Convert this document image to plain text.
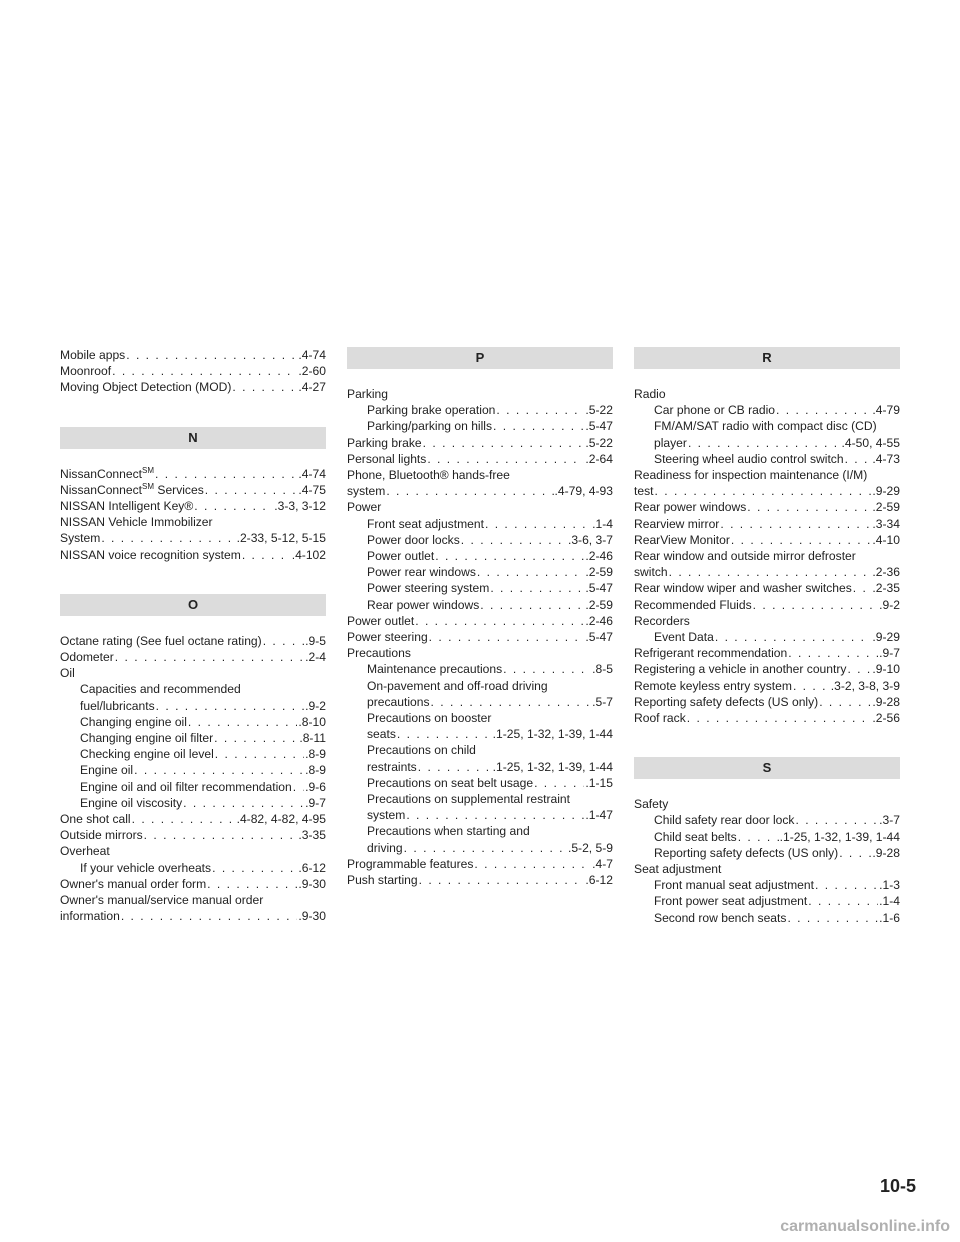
Mobile apps . . .	.4-74
Moonroof . . .	.2-60
Moving Object Detection (MOD) . . .	.4-27
N
NissanConnect℠ . . .	.4-74
NissanConnect℠ Services . . .	.4-75
NISSAN Intelligent Key® . . .	.3-3, 3-12
NISSAN Vehicle Immobilizer
System . . .	.2-33, 5-12, 5-15
NISSAN voice recognition system . . .	.4-102
O
Octane rating (See fuel octane rating) . . .	.9-5
Odometer . . .	.2-4
Oil
Capacities and recommended
fuel/lubricants . . .	.9-2
Changing engine oil . . .	.8-10
Changing engine oil filter . . .	.8-11
Checking engine oil level . . .	.8-9
Engine oil . . .	.8-9
Engine oil and oil filter recommendation . . . .9-6
Engine oil viscosity . . .	.9-7
One shot call . . .	.4-82, 4-82, 4-95
Outside mirrors . . .	.3-35
Overheat
If your vehicle overheats . . .	.6-12
Owner's manual order form . . .	.9-30
Owner's manual/service manual order
information . . .	.9-30
P
Parking
Parking brake operation . . .	.5-22
Parking/parking on hills . . .	.5-47
Parking brake . . .	.5-22
Personal lights . . .	.2-64
Phone, Bluetooth® hands-free
system . . .	.4-79, 4-93
Power
Front seat adjustment . . .	.1-4
Power door locks . . .	.3-6, 3-7
Power outlet . . .	.2-46
Power rear windows . . .	.2-59
Power steering system . . .	.5-47
Rear power windows . . .	.2-59
Power outlet . . .	.2-46
Power steering . . .	.5-47
Precautions
Maintenance precautions . . .	.8-5
On-pavement and off-road driving
precautions . . .	.5-7
Precautions on booster
seats . . .	.1-25, 1-32, 1-39, 1-44
Precautions on child
restraints . . .	.1-25, 1-32, 1-39, 1-44
Precautions on seat belt usage . . .	.1-15
Precautions on supplemental restraint
system . . .	.1-47
Precautions when starting and
driving . . .	.5-2, 5-9
Programmable features . . .	.4-7
Push starting . . .	.6-12
R
Radio
Car phone or CB radio . . .	.4-79
FM/AM/SAT radio with compact disc (CD)
player . . .	.4-50, 4-55
Steering wheel audio control switch . . . .4-73
Readiness for inspection maintenance (I/M)
test . . .	.9-29
Rear power windows . . .	.2-59
Rearview mirror . . .	.3-34
RearView Monitor . . .	.4-10
Rear window and outside mirror defroster
switch . . .	.2-36
Rear window wiper and washer switches . . . .2-35
Recommended Fluids . . .	.9-2
Recorders
Event Data . . .	.9-29
Refrigerant recommendation . . .	.9-7
Registering a vehicle in another country . . . .9-10
Remote keyless entry system . . .	.3-2, 3-8, 3-9
Reporting safety defects (US only) . . .	.9-28
Roof rack . . .	.2-56
S
Safety
Child safety rear door lock . . .	.3-7
Child seat belts . . .	.1-25, 1-32, 1-39, 1-44
Reporting safety defects (US only) . . .	.9-28
Seat adjustment
Front manual seat adjustment . . .	.1-3
Front power seat adjustment . . .	.1-4
Second row bench seats . . .	.1-6
10-5
carmanualsonline.info
